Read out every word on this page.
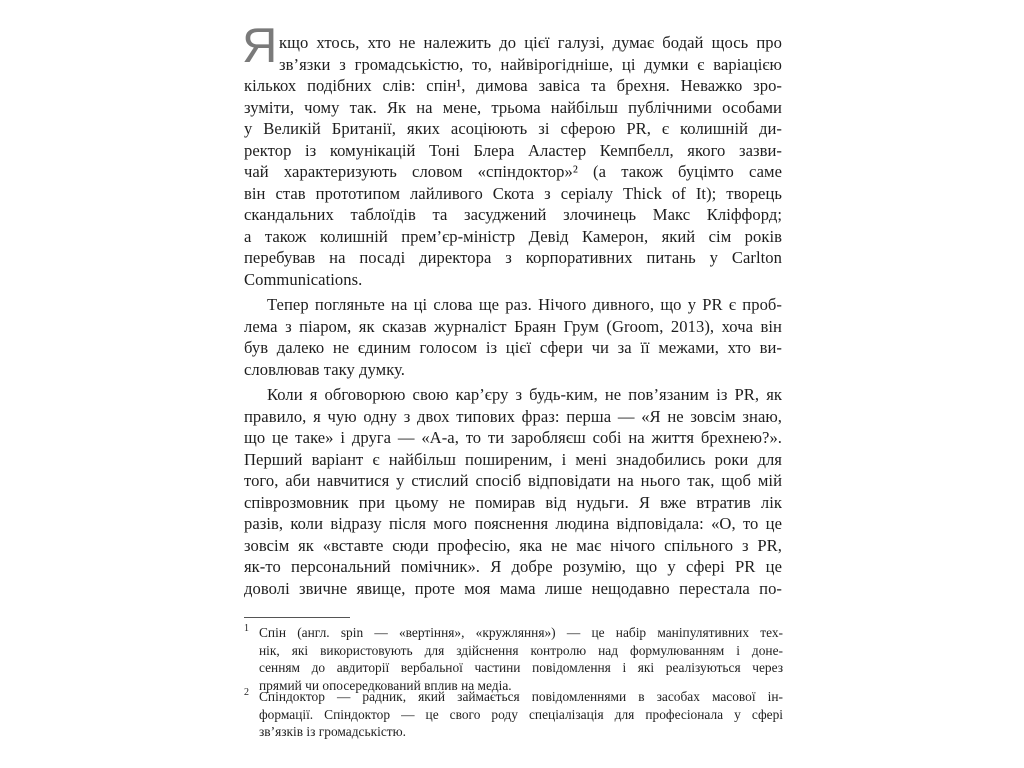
Я кщо хтось, хто не належить до цієї галузі, думає бодай щось про
зв’язки з громадськістю, то, найвірогідніше, ці думки є варіацією
кількох подібних слів: спін¹, димова завіса та брехня. Неважко зро-
зуміти, чому так. Як на мене, трьома найбільш публічними особами
у Великій Британії, яких асоціюють зі сферою PR, є колишній ди-
ректор із комунікацій Тоні Блера Аластер Кемпбелл, якого зазви-
чай характеризують словом «спіндоктор»² (а також буцімто саме
він став прототипом лайливого Скота з серіалу Thick of It); творець
скандальних таблоїдів та засуджений злочинець Макс Кліффорд;
а також колишній прем’єр-міністр Девід Камерон, який сім років
перебував на посаді директора з корпоративних питань у Carlton
Communications.
Тепер погляньте на ці слова ще раз. Нічого дивного, що у PR є проб-
лема з піаром, як сказав журналіст Браян Грум (Groom, 2013), хоча він
був далеко не єдиним голосом із цієї сфери чи за її межами, хто ви-
словлював таку думку.
Коли я обговорюю свою кар’єру з будь-ким, не пов’язаним із PR, як
правило, я чую одну з двох типових фраз: перша — «Я не зовсім знаю,
що це таке» і друга — «А-а, то ти заробляєш собі на життя брехнею?».
Перший варіант є найбільш поширеним, і мені знадобились роки для
того, аби навчитися у стислий спосіб відповідати на нього так, щоб мій
співрозмовник при цьому не помирав від нудьги. Я вже втратив лік
разів, коли відразу після мого пояснення людина відповідала: «О, то це
зовсім як «вставте сюди професію, яка не має нічого спільного з PR,
як-то персональний помічник». Я добре розумію, що у сфері PR це
доволі звичне явище, проте моя мама лише нещодавно перестала по-
1 Спін (англ. spin — «вертіння», «кружляння») — це набір маніпулятивних тех-
нік, які використовують для здійснення контролю над формулюванням і доне-
сенням до авдиторії вербальної частини повідомлення і які реалізуються через
прямий чи опосередкований вплив на медіа.
2 Спіндоктор — радник, який займається повідомленнями в засобах масової ін-
формації. Спіндоктор — це свого роду спеціалізація для професіонала у сфері
зв’язків із громадськістю.
